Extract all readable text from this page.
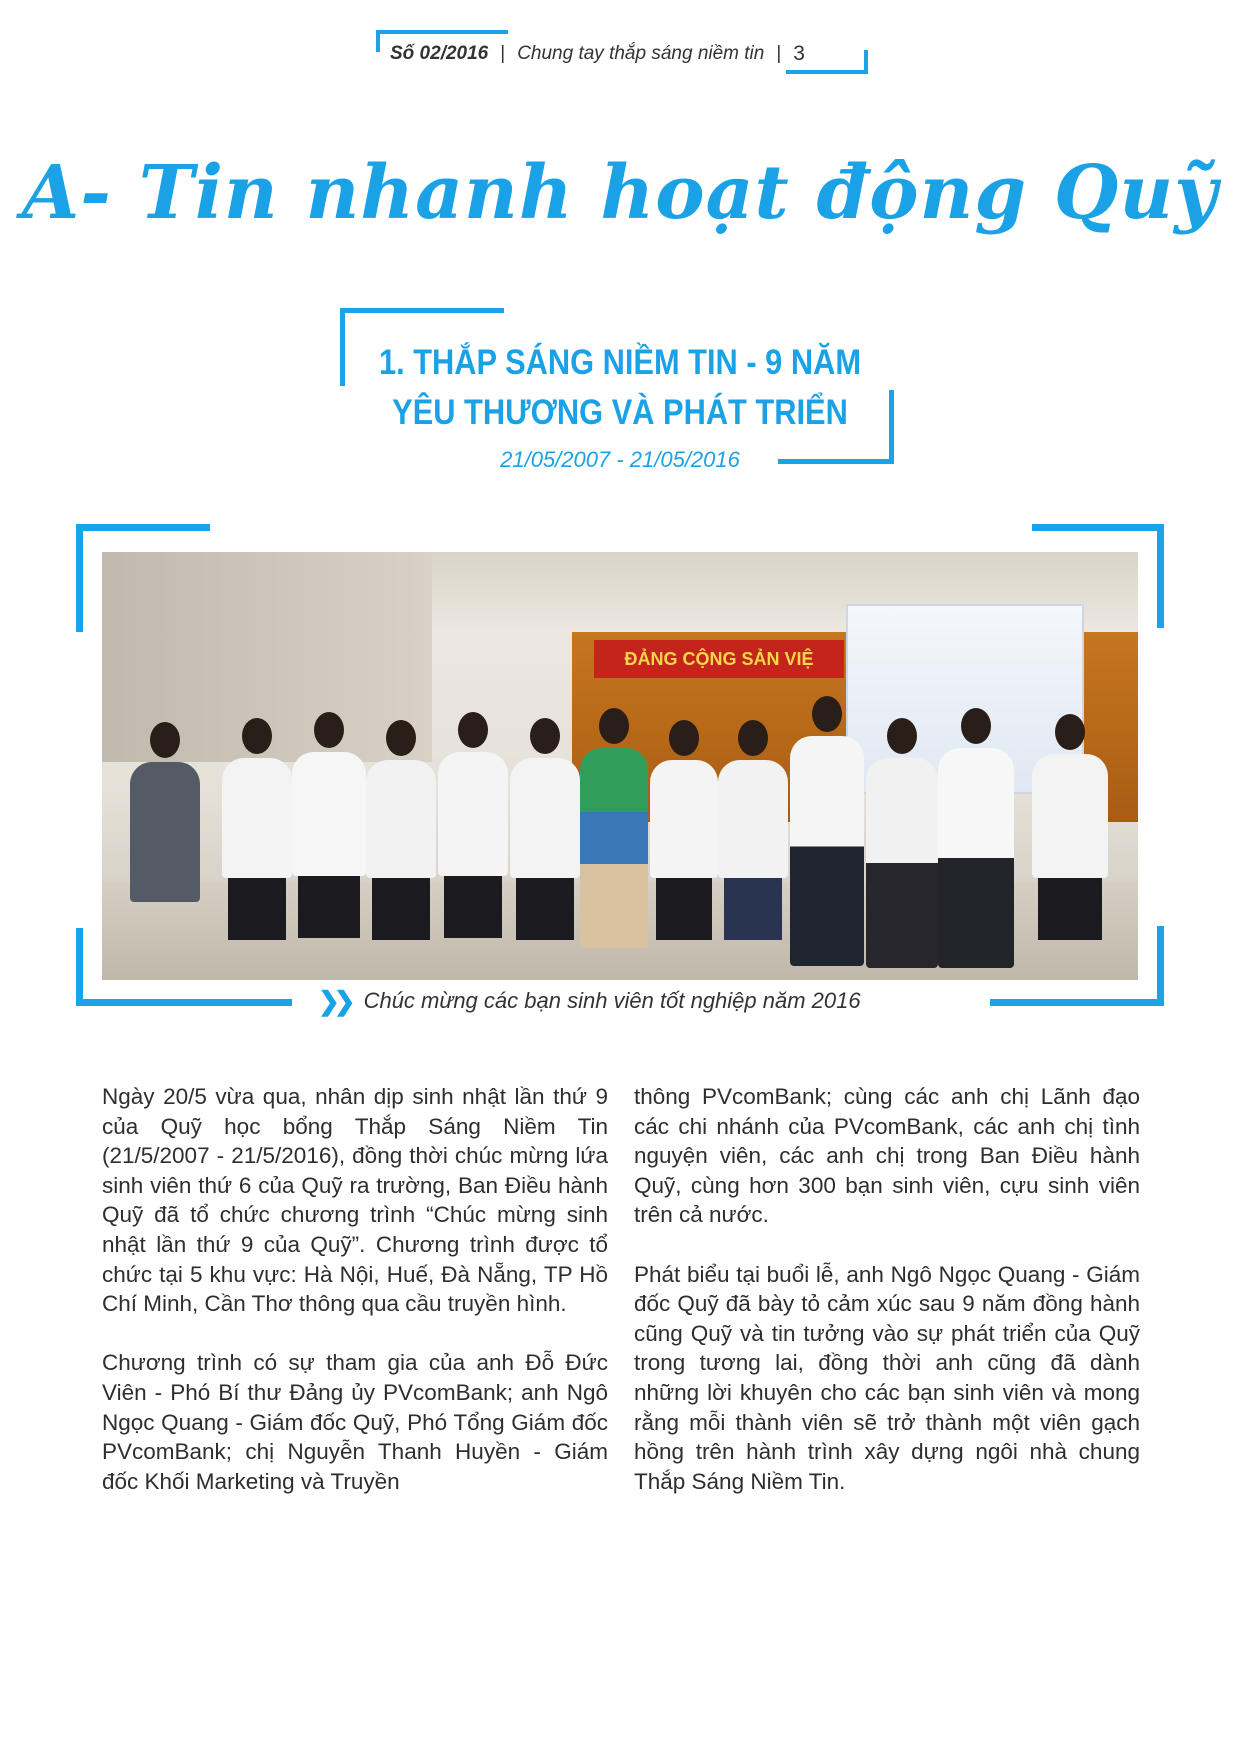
Số 02/2016 | Chung tay thắp sáng niềm tin | 3
A- Tin nhanh hoạt động Quỹ
1. THẮP SÁNG NIỀM TIN - 9 NĂM
YÊU THƯƠNG VÀ PHÁT TRIỂN
21/05/2007 - 21/05/2016
ĐẢNG CỘNG SẢN VIỆ
❯❯ Chúc mừng các bạn sinh viên tốt nghiệp năm 2016

Ngày 20/5 vừa qua, nhân dịp sinh nhật lần thứ 9 của Quỹ học bổng Thắp Sáng Niềm Tin (21/5/2007 - 21/5/2016), đồng thời chúc mừng lứa sinh viên thứ 6 của Quỹ ra trường, Ban Điều hành Quỹ đã tổ chức chương trình “Chúc mừng sinh nhật lần thứ 9 của Quỹ”. Chương trình được tổ chức tại 5 khu vực: Hà Nội, Huế, Đà Nẵng, TP Hồ Chí Minh, Cần Thơ thông qua cầu truyền hình.

Chương trình có sự tham gia của anh Đỗ Đức Viên - Phó Bí thư Đảng ủy PVcomBank; anh Ngô Ngọc Quang - Giám đốc Quỹ, Phó Tổng Giám đốc PVcomBank; chị Nguyễn Thanh Huyền - Giám đốc Khối Marketing và Truyền

thông PVcomBank; cùng các anh chị Lãnh đạo các chi nhánh của PVcomBank, các anh chị tình nguyện viên, các anh chị trong Ban Điều hành Quỹ, cùng hơn 300 bạn sinh viên, cựu sinh viên trên cả nước.

Phát biểu tại buổi lễ, anh Ngô Ngọc Quang - Giám đốc Quỹ đã bày tỏ cảm xúc sau 9 năm đồng hành cũng Quỹ và tin tưởng vào sự phát triển của Quỹ trong tương lai, đồng thời anh cũng đã dành những lời khuyên cho các bạn sinh viên và mong rằng mỗi thành viên sẽ trở thành một viên gạch hồng trên hành trình xây dựng ngôi nhà chung Thắp Sáng Niềm Tin.
